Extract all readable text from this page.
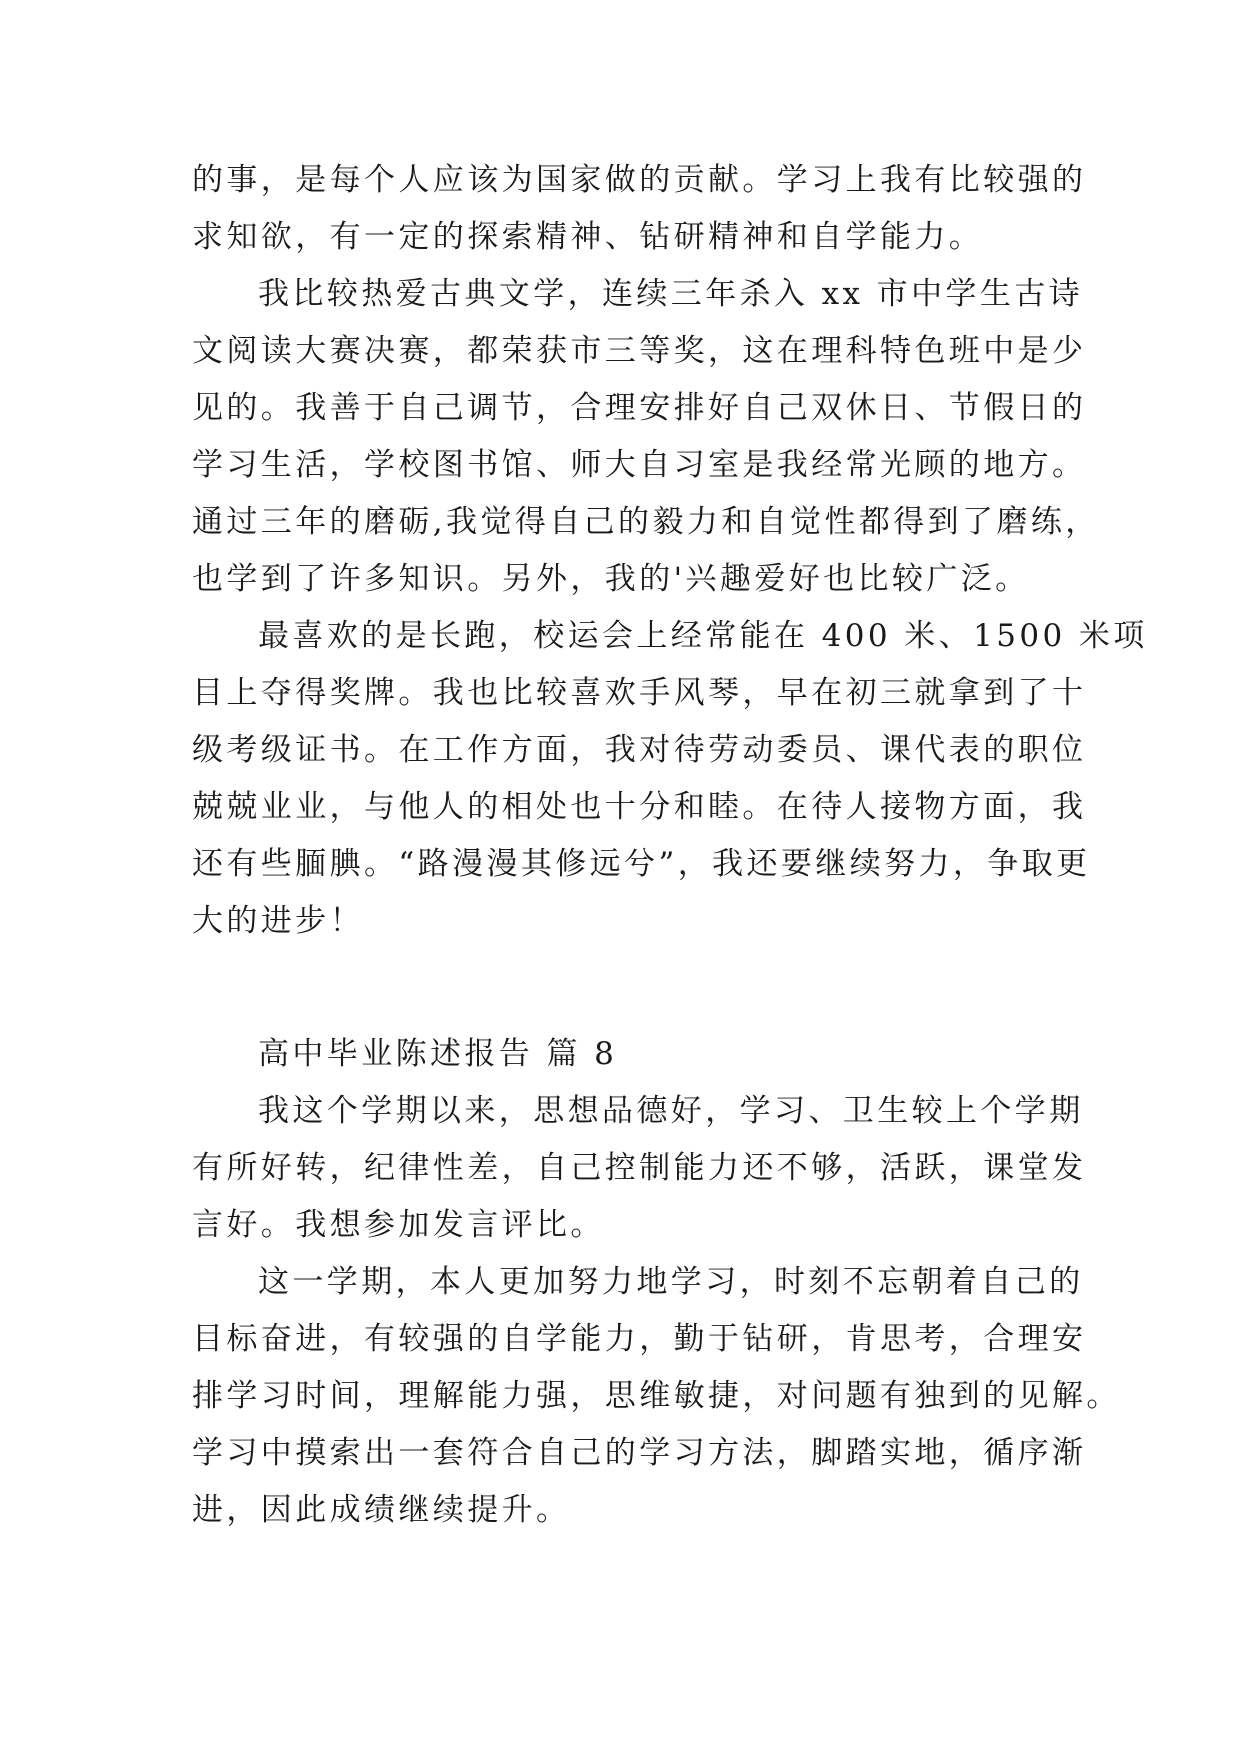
的事，是每个人应该为国家做的贡献。学习上我有比较强的
求知欲，有一定的探索精神、钻研精神和自学能力。
我比较热爱古典文学，连续三年杀入 xx 市中学生古诗
文阅读大赛决赛，都荣获市三等奖，这在理科特色班中是少
见的。我善于自己调节，合理安排好自己双休日、节假日的
学习生活，学校图书馆、师大自习室是我经常光顾的地方。
通过三年的磨砺,我觉得自己的毅力和自觉性都得到了磨练，
也学到了许多知识。另外，我的'兴趣爱好也比较广泛。
最喜欢的是长跑，校运会上经常能在 400 米、1500 米项
目上夺得奖牌。我也比较喜欢手风琴，早在初三就拿到了十
级考级证书。在工作方面，我对待劳动委员、课代表的职位
兢兢业业，与他人的相处也十分和睦。在待人接物方面，我
还有些腼腆。“路漫漫其修远兮”，我还要继续努力，争取更
大的进步！
高中毕业陈述报告 篇 8
我这个学期以来，思想品德好，学习、卫生较上个学期
有所好转，纪律性差，自己控制能力还不够，活跃，课堂发
言好。我想参加发言评比。
这一学期，本人更加努力地学习，时刻不忘朝着自己的
目标奋进，有较强的自学能力，勤于钻研，肯思考，合理安
排学习时间，理解能力强，思维敏捷，对问题有独到的见解。
学习中摸索出一套符合自己的学习方法，脚踏实地，循序渐
进，因此成绩继续提升。
